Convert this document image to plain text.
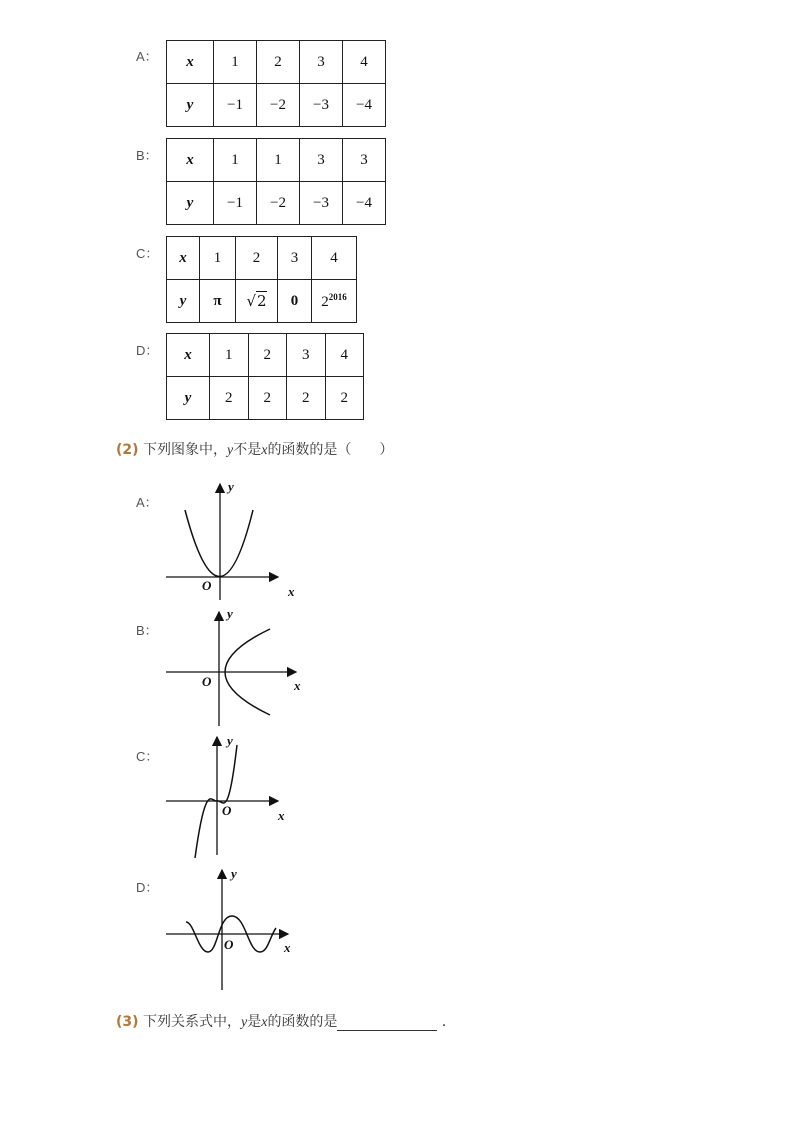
A： x	1	2	3	4
y	−1	−2	−3	−4
B： x	1	1	3	3
y	−1	−2	−3	−4
C： x	1	2	3	4
y	π	√2	0	$2^{2016}$
D： x	1	2	3	4
y	2	2	2	2
(2) 下列图象中，y不是x的函数的是（　　）
A：
O	x
y
B：
O	x
y
C：
O	x
y
D：
O	x
y
(3) 下列关系式中，y是x的函数的是	．
